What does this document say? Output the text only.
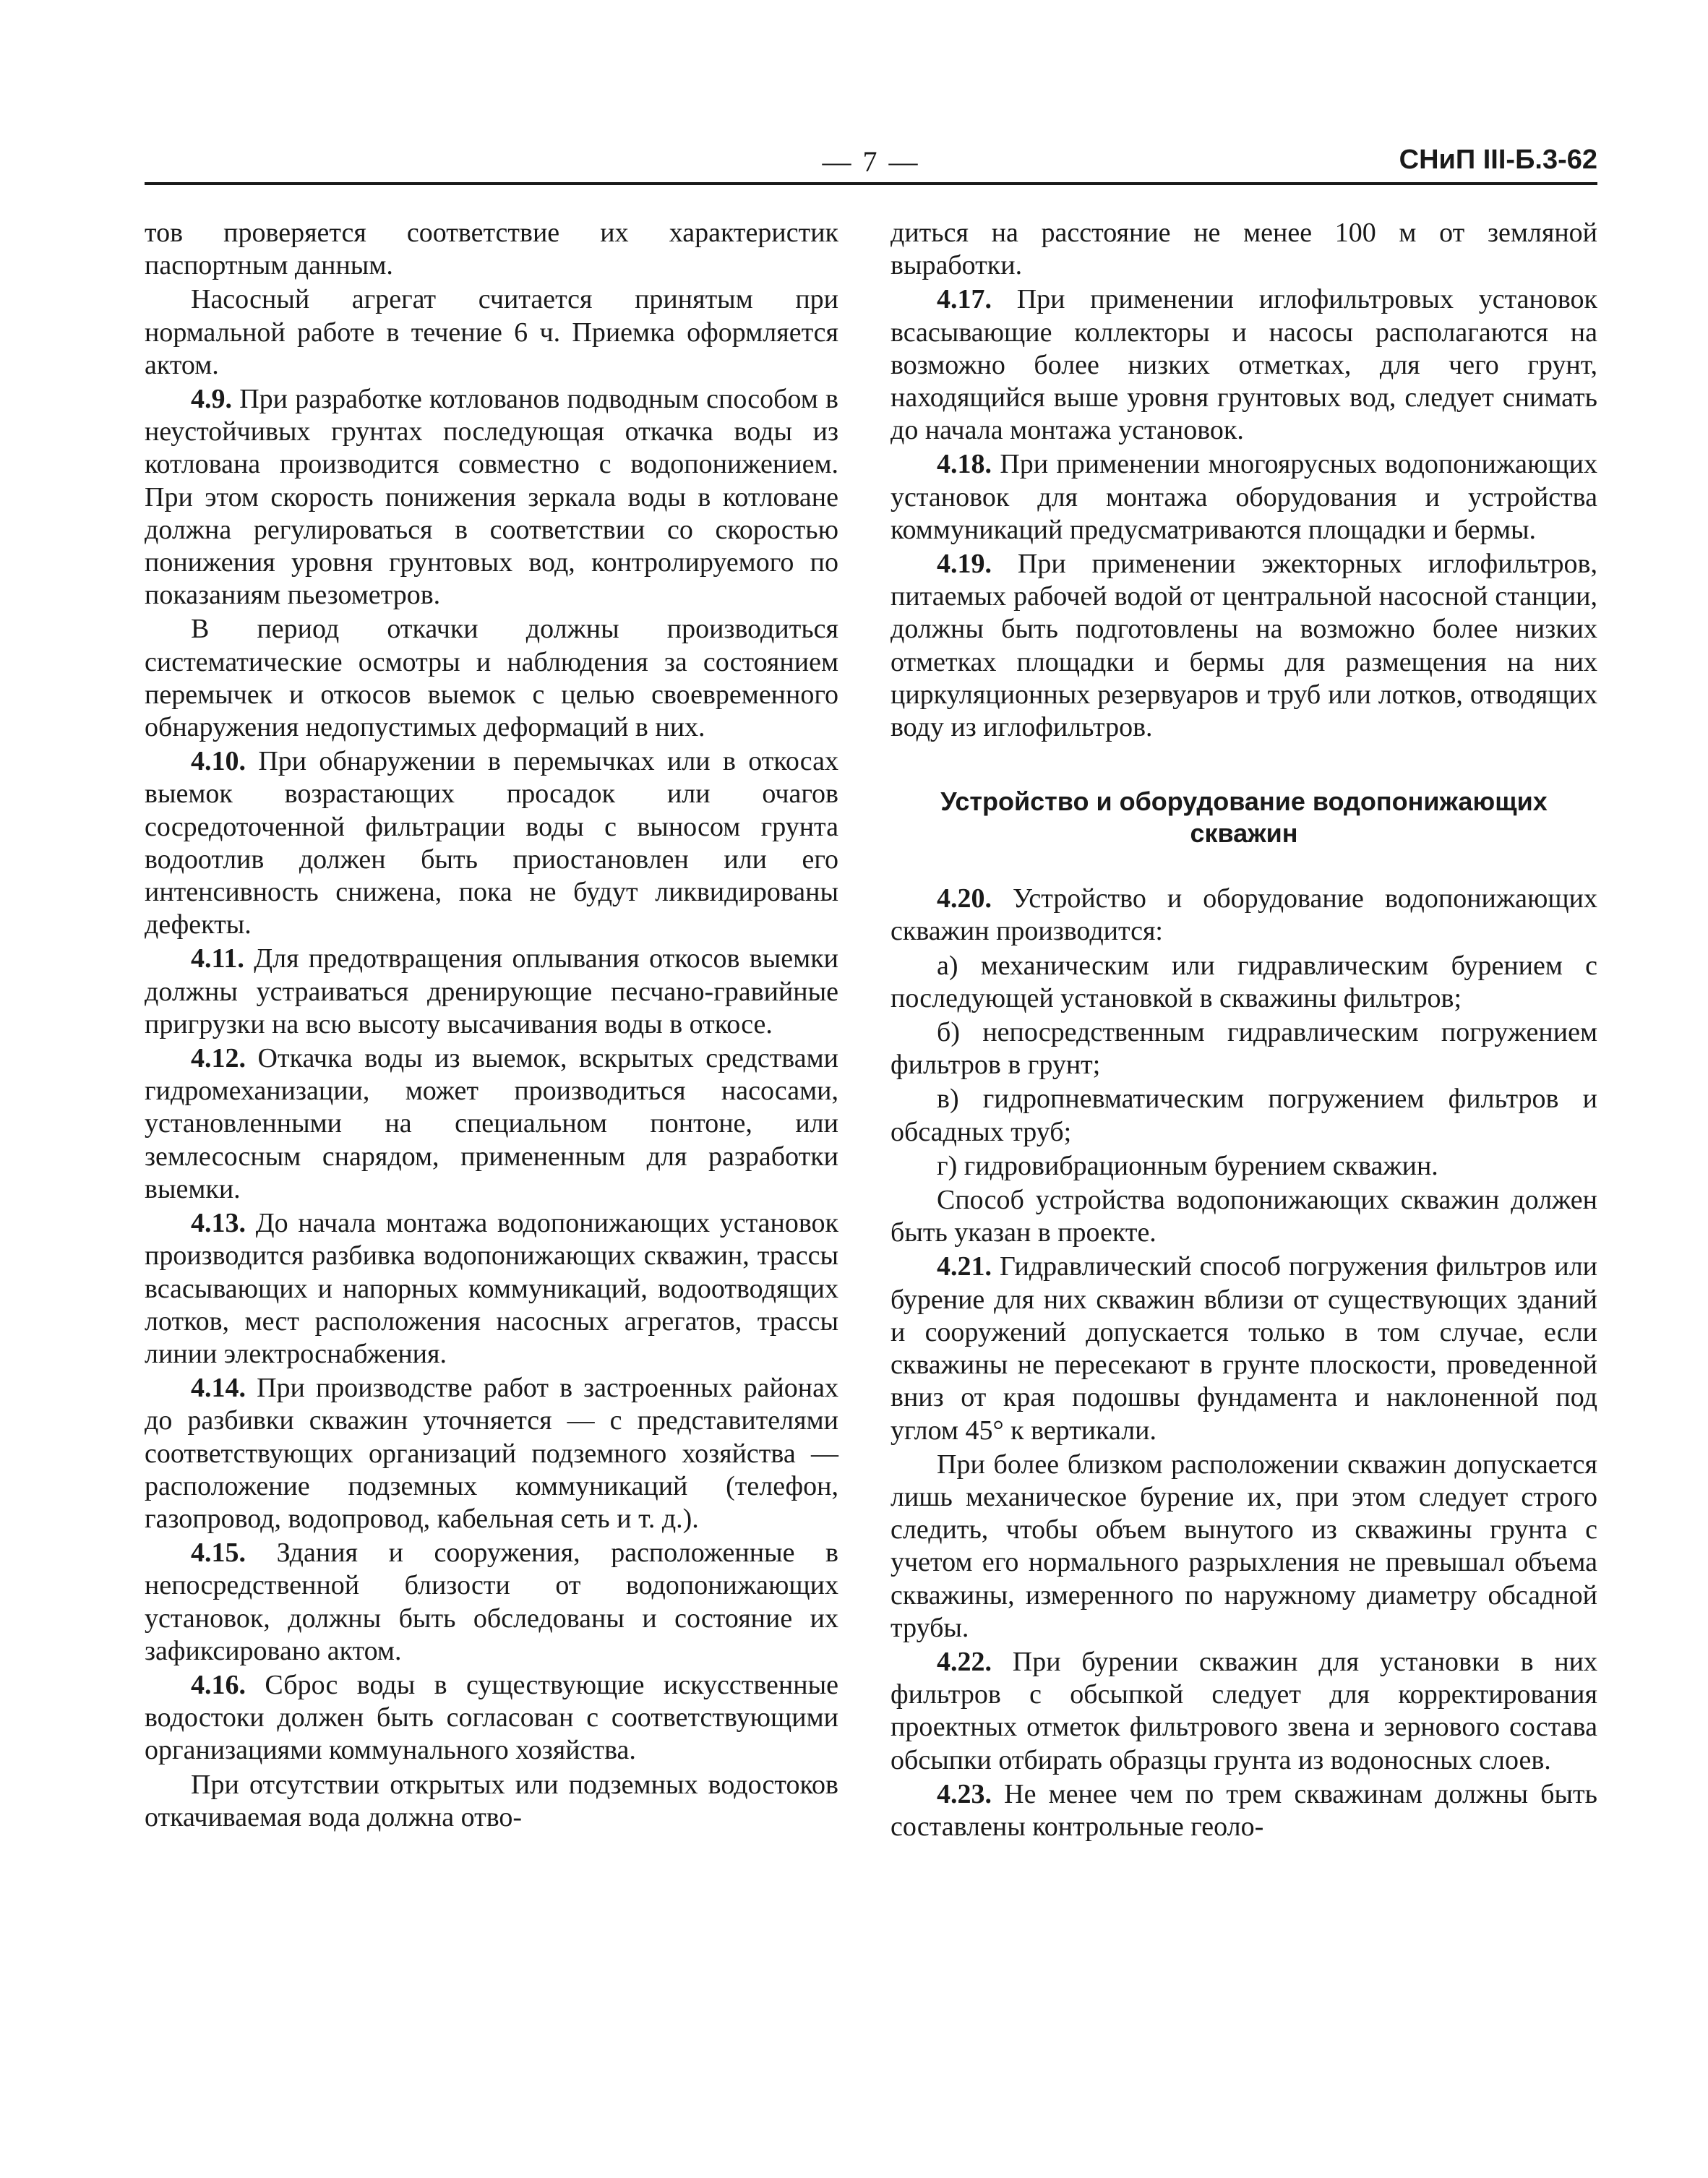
— 7 —	СНиП III-Б.3-62

тов проверяется соответствие их характеристик паспортным данным.

Насосный агрегат считается принятым при нормальной работе в течение 6 ч. Приемка оформляется актом.

4.9. При разработке котлованов подводным способом в неустойчивых грунтах последующая откачка воды из котлована производится совместно с водопонижением. При этом скорость понижения зеркала воды в котловане должна регулироваться в соответствии со скоростью понижения уровня грунтовых вод, контролируемого по показаниям пьезометров.

В период откачки должны производиться систематические осмотры и наблюдения за состоянием перемычек и откосов выемок с целью своевременного обнаружения недопустимых деформаций в них.

4.10. При обнаружении в перемычках или в откосах выемок возрастающих просадок или очагов сосредоточенной фильтрации воды с выносом грунта водоотлив должен быть приостановлен или его интенсивность снижена, пока не будут ликвидированы дефекты.

4.11. Для предотвращения оплывания откосов выемки должны устраиваться дренирующие песчано-гравийные пригрузки на всю высоту высачивания воды в откосе.

4.12. Откачка воды из выемок, вскрытых средствами гидромеханизации, может производиться насосами, установленными на специальном понтоне, или землесосным снарядом, примененным для разработки выемки.

4.13. До начала монтажа водопонижающих установок производится разбивка водопонижающих скважин, трассы всасывающих и напорных коммуникаций, водоотводящих лотков, мест расположения насосных агрегатов, трассы линии электроснабжения.

4.14. При производстве работ в застроенных районах до разбивки скважин уточняется — с представителями соответствующих организаций подземного хозяйства — расположение подземных коммуникаций (телефон, газопровод, водопровод, кабельная сеть и т. д.).

4.15. Здания и сооружения, расположенные в непосредственной близости от водопонижающих установок, должны быть обследованы и состояние их зафиксировано актом.

4.16. Сброс воды в существующие искусственные водостоки должен быть согласован с соответствующими организациями коммунального хозяйства.

При отсутствии открытых или подземных водостоков откачиваемая вода должна отво-

диться на расстояние не менее 100 м от земляной выработки.

4.17. При применении иглофильтровых установок всасывающие коллекторы и насосы располагаются на возможно более низких отметках, для чего грунт, находящийся выше уровня грунтовых вод, следует снимать до начала монтажа установок.

4.18. При применении многоярусных водопонижающих установок для монтажа оборудования и устройства коммуникаций предусматриваются площадки и бермы.

4.19. При применении эжекторных иглофильтров, питаемых рабочей водой от центральной насосной станции, должны быть подготовлены на возможно более низких отметках площадки и бермы для размещения на них циркуляционных резервуаров и труб или лотков, отводящих воду из иглофильтров.

Устройство и оборудование водопонижающих скважин

4.20. Устройство и оборудование водопонижающих скважин производится:

а) механическим или гидравлическим бурением с последующей установкой в скважины фильтров;

б) непосредственным гидравлическим погружением фильтров в грунт;

в) гидропневматическим погружением фильтров и обсадных труб;

г) гидровибрационным бурением скважин.

Способ устройства водопонижающих скважин должен быть указан в проекте.

4.21. Гидравлический способ погружения фильтров или бурение для них скважин вблизи от существующих зданий и сооружений допускается только в том случае, если скважины не пересекают в грунте плоскости, проведенной вниз от края подошвы фундамента и наклоненной под углом 45° к вертикали.

При более близком расположении скважин допускается лишь механическое бурение их, при этом следует строго следить, чтобы объем вынутого из скважины грунта с учетом его нормального разрыхления не превышал объема скважины, измеренного по наружному диаметру обсадной трубы.

4.22. При бурении скважин для установки в них фильтров с обсыпкой следует для корректирования проектных отметок фильтрового звена и зернового состава обсыпки отбирать образцы грунта из водоносных слоев.

4.23. Не менее чем по трем скважинам должны быть составлены контрольные геоло-
